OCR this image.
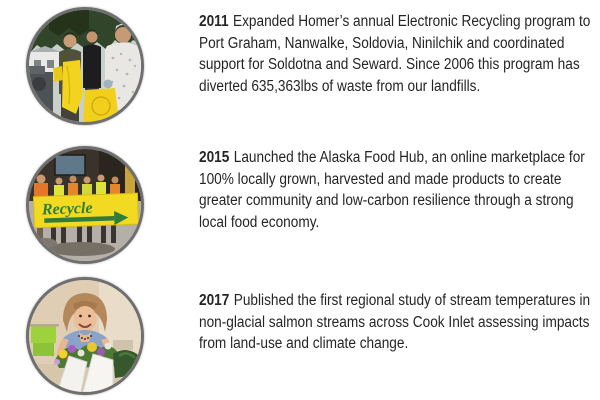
2011 Expanded Homer’s annual Electronic Recycling program to
Port Graham, Nanwalke, Soldovia, Ninilchik and coordinated
support for Soldotna and Seward. Since 2006 this program has
diverted 635,363lbs of waste from our landfills.
Recycle
2015 Launched the Alaska Food Hub, an online marketplace for
100% locally grown, harvested and made products to create
greater community and low-carbon resilience through a strong
local food economy.
2017 Published the first regional study of stream temperatures in
non-glacial salmon streams across Cook Inlet assessing impacts
from land-use and climate change.
